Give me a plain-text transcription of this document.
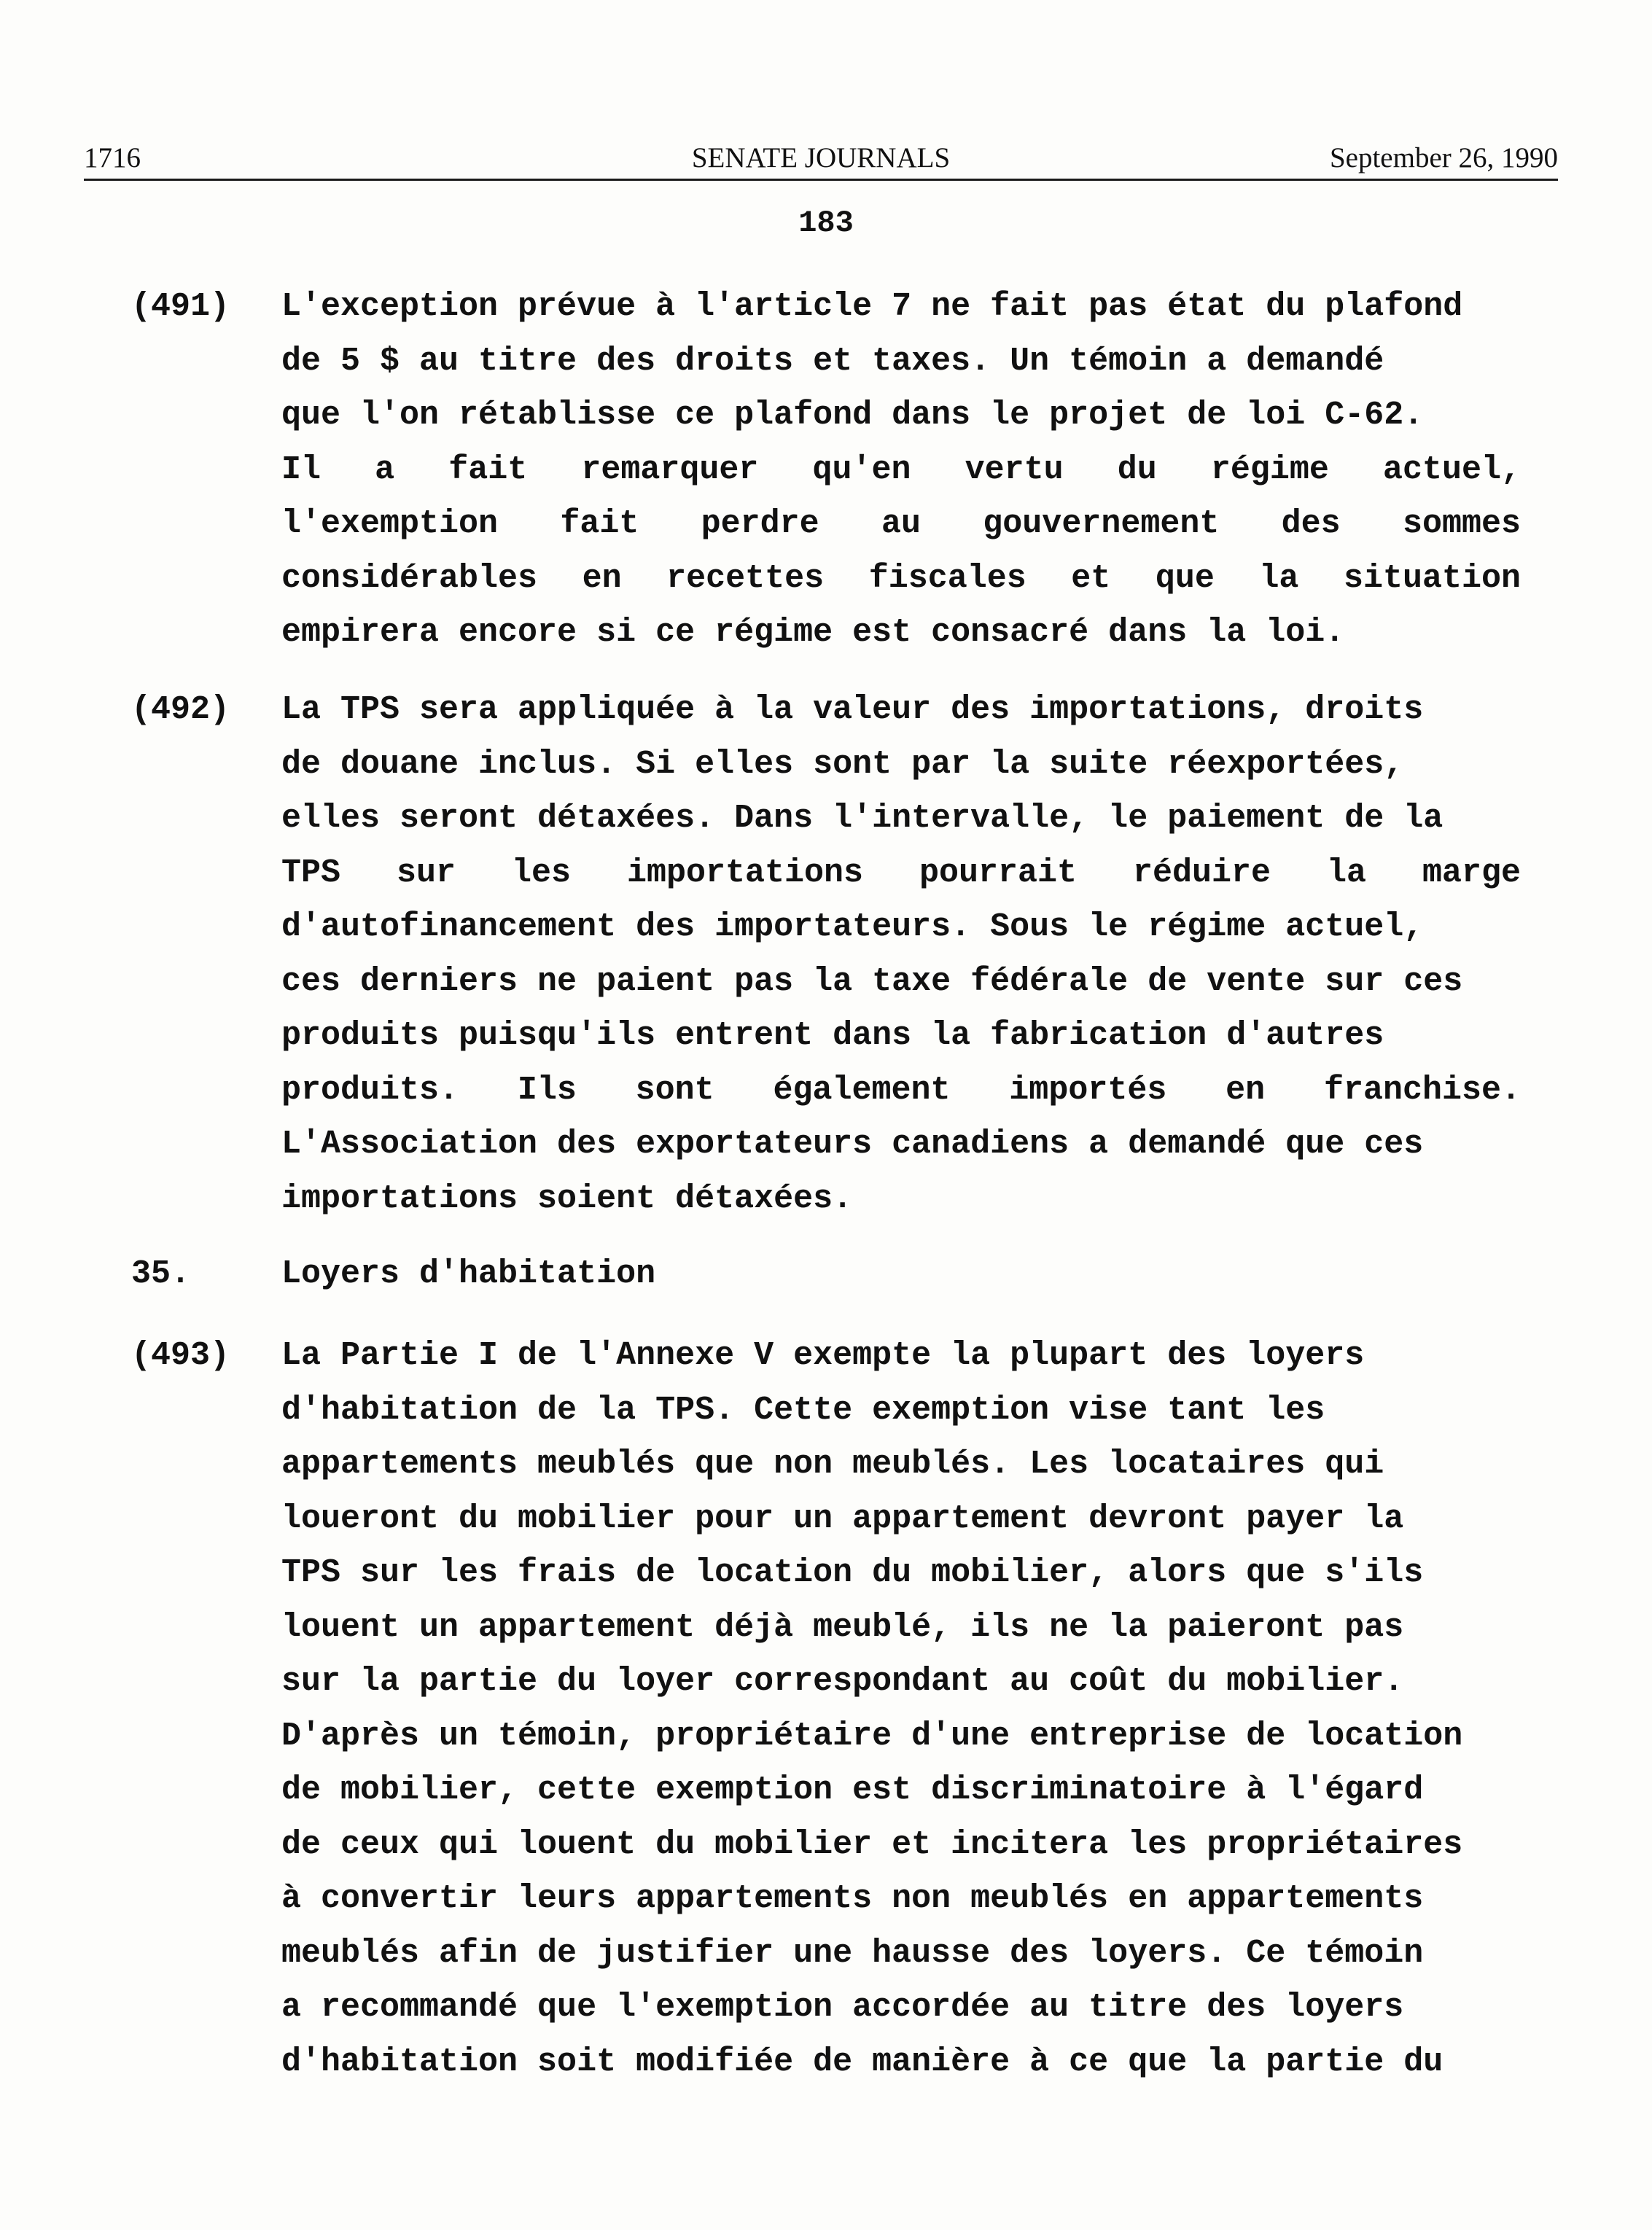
1716	SENATE JOURNALS	September 26, 1990
183
(491)	L'exception prévue à l'article 7 ne fait pas état du plafond
de 5 $ au titre des droits et taxes. Un témoin a demandé
que l'on rétablisse ce plafond dans le projet de loi C-62.
Il a fait remarquer qu'en vertu du régime actuel,
l'exemption fait perdre au gouvernement des sommes
considérables en recettes fiscales et que la situation
empirera encore si ce régime est consacré dans la loi.
(492)	La TPS sera appliquée à la valeur des importations, droits
de douane inclus. Si elles sont par la suite réexportées,
elles seront détaxées. Dans l'intervalle, le paiement de la
TPS sur les importations pourrait réduire la marge
d'autofinancement des importateurs. Sous le régime actuel,
ces derniers ne paient pas la taxe fédérale de vente sur ces
produits puisqu'ils entrent dans la fabrication d'autres
produits. Ils sont également importés en franchise.
L'Association des exportateurs canadiens a demandé que ces
importations soient détaxées.
35.	Loyers d'habitation
(493)	La Partie I de l'Annexe V exempte la plupart des loyers
d'habitation de la TPS. Cette exemption vise tant les
appartements meublés que non meublés. Les locataires qui
loueront du mobilier pour un appartement devront payer la
TPS sur les frais de location du mobilier, alors que s'ils
louent un appartement déjà meublé, ils ne la paieront pas
sur la partie du loyer correspondant au coût du mobilier.
D'après un témoin, propriétaire d'une entreprise de location
de mobilier, cette exemption est discriminatoire à l'égard
de ceux qui louent du mobilier et incitera les propriétaires
à convertir leurs appartements non meublés en appartements
meublés afin de justifier une hausse des loyers. Ce témoin
a recommandé que l'exemption accordée au titre des loyers
d'habitation soit modifiée de manière à ce que la partie du
